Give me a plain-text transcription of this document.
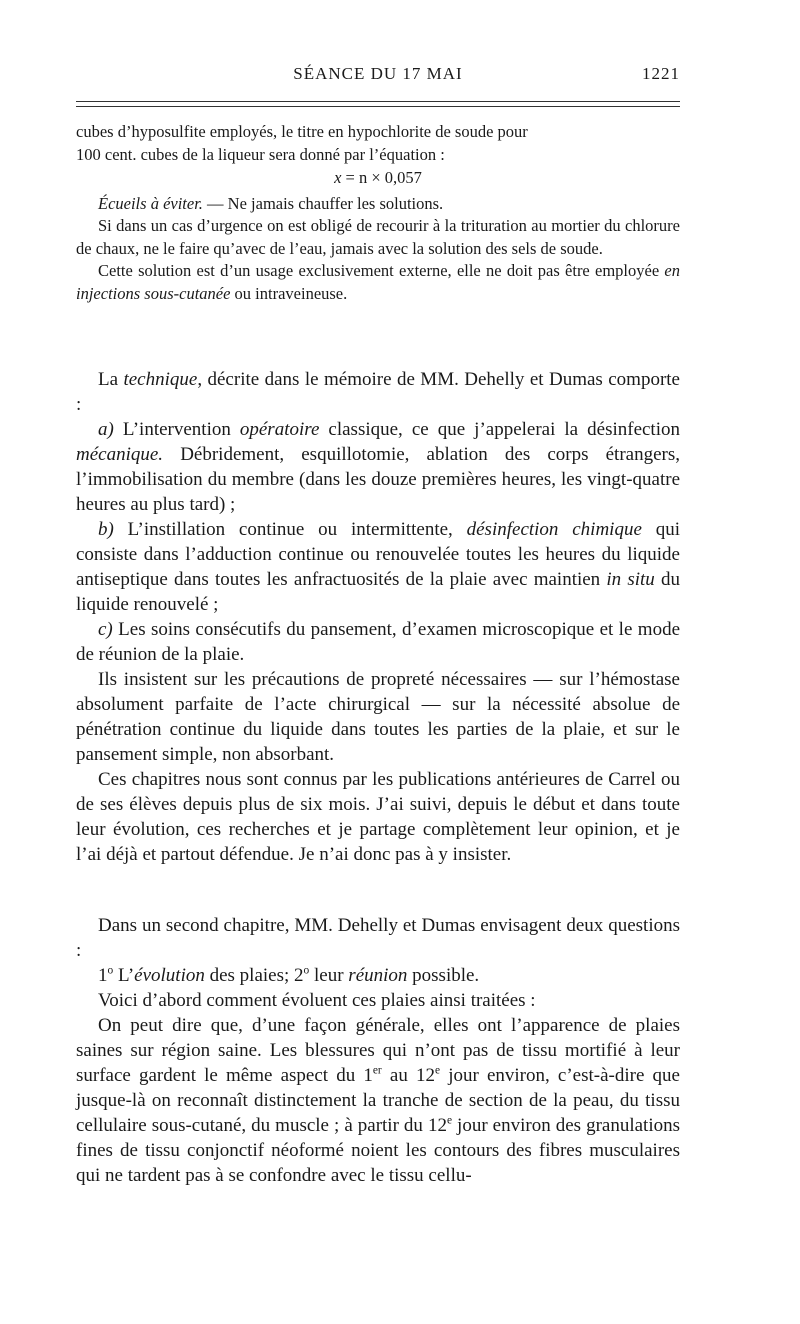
SÉANCE DU 17 MAI	1221

cubes d’hyposulfite employés, le titre en hypochlorite de soude pour

100 cent. cubes de la liqueur sera donné par l’équation :

x = n × 0,057

Écueils à éviter. — Ne jamais chauffer les solutions.

Si dans un cas d’urgence on est obligé de recourir à la trituration au mortier du chlorure de chaux, ne le faire qu’avec de l’eau, jamais avec la solution des sels de soude.

Cette solution est d’un usage exclusivement externe, elle ne doit pas être employée en injections sous-cutanée ou intraveineuse.

La technique, décrite dans le mémoire de MM. Dehelly et Dumas comporte :

a) L’intervention opératoire classique, ce que j’appelerai la désinfection mécanique. Débridement, esquillotomie, ablation des corps étrangers, l’immobilisation du membre (dans les douze premières heures, les vingt-quatre heures au plus tard) ;

b) L’instillation continue ou intermittente, désinfection chimique qui consiste dans l’adduction continue ou renouvelée toutes les heures du liquide antiseptique dans toutes les anfractuosités de la plaie avec maintien in situ du liquide renouvelé ;

c) Les soins consécutifs du pansement, d’examen microscopique et le mode de réunion de la plaie.

Ils insistent sur les précautions de propreté nécessaires — sur l’hémostase absolument parfaite de l’acte chirurgical — sur la nécessité absolue de pénétration continue du liquide dans toutes les parties de la plaie, et sur le pansement simple, non absorbant.

Ces chapitres nous sont connus par les publications antérieures de Carrel ou de ses élèves depuis plus de six mois. J’ai suivi, depuis le début et dans toute leur évolution, ces recherches et je partage complètement leur opinion, et je l’ai déjà et partout défendue. Je n’ai donc pas à y insister.

Dans un second chapitre, MM. Dehelly et Dumas envisagent deux questions :

1$^o$ L’évolution des plaies; 2$^o$ leur réunion possible.

Voici d’abord comment évoluent ces plaies ainsi traitées :

On peut dire que, d’une façon générale, elles ont l’apparence de plaies saines sur région saine. Les blessures qui n’ont pas de tissu mortifié à leur surface gardent le même aspect du 1er au 12e jour environ, c’est-à-dire que jusque-là on reconnaît distinctement la tranche de section de la peau, du tissu cellulaire sous-cutané, du muscle ; à partir du 12e jour environ des granulations fines de tissu conjonctif néoformé noient les contours des fibres musculaires qui ne tardent pas à se confondre avec le tissu cellu-
